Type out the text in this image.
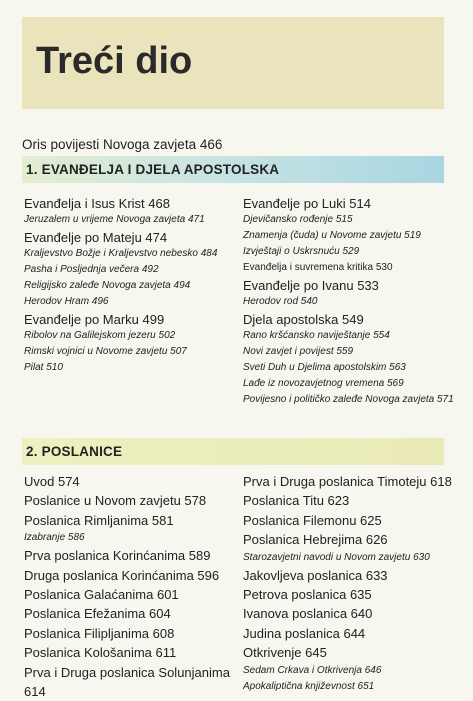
Treći dio
Oris povijesti Novoga zavjeta 466
1. EVANĐELJA I DJELA APOSTOLSKA
Evanđelja i Isus Krist 468
Jeruzalem u vrijeme Novoga zavjeta 471
Evanđelje po Mateju 474
Kraljevstvo Božje i Kraljevstvo nebesko 484
Pasha i Posljednja večera 492
Religijsko zaleđe Novoga zavjeta 494
Herodov Hram 496
Evanđelje po Marku 499
Ribolov na Galilejskom jezeru 502
Rimski vojnici u Novome zavjetu 507
Pilat 510
Evanđelje po Luki 514
Djevičansko rođenje 515
Znamenja (čuda) u Novome zavjetu 519
Izvještaji o Uskrsnuću 529
Evanđelja i suvremena kritika 530
Evanđelje po Ivanu 533
Herodov rod 540
Djela apostolska 549
Rano kršćansko naviještanje 554
Novi zavjet i povijest 559
Sveti Duh u Djelima apostolskim 563
Lađe iz novozavjetnog vremena 569
Povijesno i političko zaleđe Novoga zavjeta 571
2. POSLANICE
Uvod 574
Poslanice u Novom zavjetu 578
Poslanica Rimljanima 581
Izabranje 586
Prva poslanica Korinćanima 589
Druga poslanica Korinćanima 596
Poslanica Galaćanima 601
Poslanica Efežanima 604
Poslanica Filipljanima 608
Poslanica Kološanima 611
Prva i Druga poslanica Solunjanima 614
Prva i Druga poslanica Timoteju 618
Poslanica Titu 623
Poslanica Filemonu 625
Poslanica Hebrejima 626
Starozavjetni navodi u Novom zavjetu 630
Jakovljeva poslanica 633
Petrova poslanica 635
Ivanova poslanica 640
Judina poslanica 644
Otkrivenje 645
Sedam Crkava i Otkrivenja 646
Apokaliptična književnost 651
